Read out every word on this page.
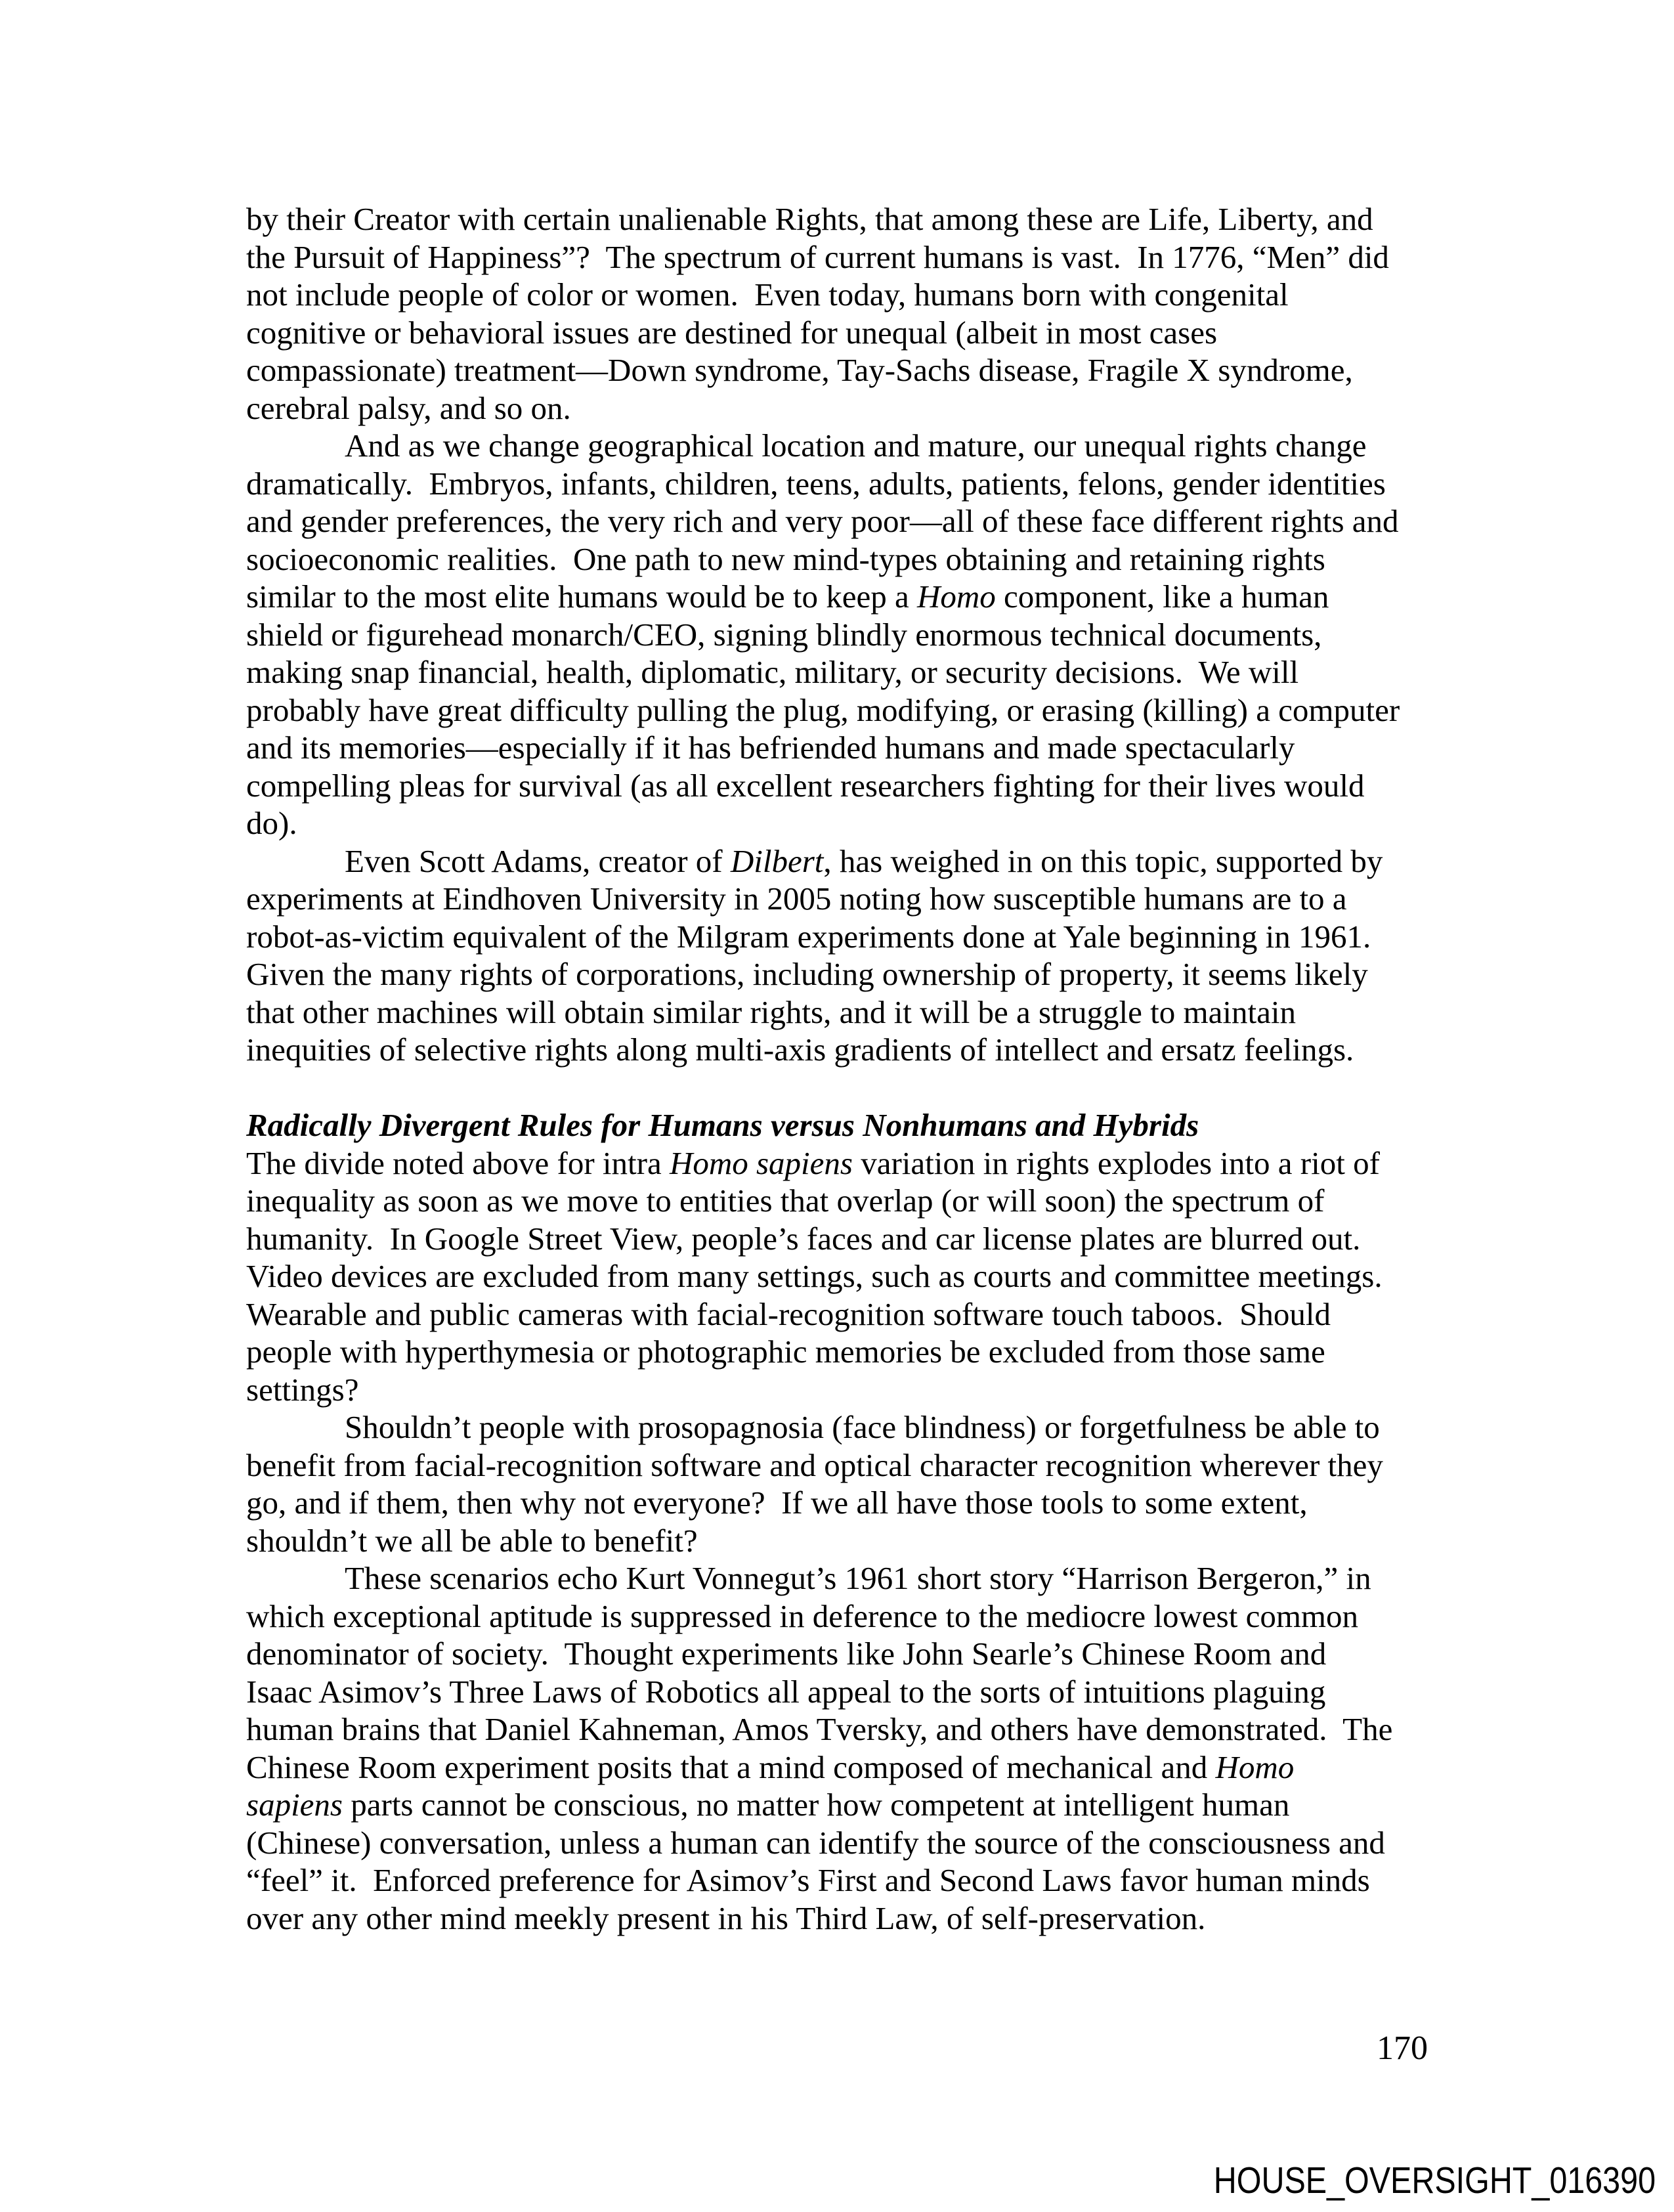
by their Creator with certain unalienable Rights, that among these are Life, Liberty, and
the Pursuit of Happiness”?  The spectrum of current humans is vast.  In 1776, “Men” did
not include people of color or women.  Even today, humans born with congenital
cognitive or behavioral issues are destined for unequal (albeit in most cases
compassionate) treatment—Down syndrome, Tay-Sachs disease, Fragile X syndrome,
cerebral palsy, and so on.
And as we change geographical location and mature, our unequal rights change
dramatically.  Embryos, infants, children, teens, adults, patients, felons, gender identities
and gender preferences, the very rich and very poor—all of these face different rights and
socioeconomic realities.  One path to new mind-types obtaining and retaining rights
similar to the most elite humans would be to keep a Homo component, like a human
shield or figurehead monarch/CEO, signing blindly enormous technical documents,
making snap financial, health, diplomatic, military, or security decisions.  We will
probably have great difficulty pulling the plug, modifying, or erasing (killing) a computer
and its memories—especially if it has befriended humans and made spectacularly
compelling pleas for survival (as all excellent researchers fighting for their lives would
do).
Even Scott Adams, creator of Dilbert, has weighed in on this topic, supported by
experiments at Eindhoven University in 2005 noting how susceptible humans are to a
robot-as-victim equivalent of the Milgram experiments done at Yale beginning in 1961.
Given the many rights of corporations, including ownership of property, it seems likely
that other machines will obtain similar rights, and it will be a struggle to maintain
inequities of selective rights along multi-axis gradients of intellect and ersatz feelings.
Radically Divergent Rules for Humans versus Nonhumans and Hybrids
The divide noted above for intra Homo sapiens variation in rights explodes into a riot of
inequality as soon as we move to entities that overlap (or will soon) the spectrum of
humanity.  In Google Street View, people’s faces and car license plates are blurred out.
Video devices are excluded from many settings, such as courts and committee meetings.
Wearable and public cameras with facial-recognition software touch taboos.  Should
people with hyperthymesia or photographic memories be excluded from those same
settings?
Shouldn’t people with prosopagnosia (face blindness) or forgetfulness be able to
benefit from facial-recognition software and optical character recognition wherever they
go, and if them, then why not everyone?  If we all have those tools to some extent,
shouldn’t we all be able to benefit?
These scenarios echo Kurt Vonnegut’s 1961 short story “Harrison Bergeron,” in
which exceptional aptitude is suppressed in deference to the mediocre lowest common
denominator of society.  Thought experiments like John Searle’s Chinese Room and
Isaac Asimov’s Three Laws of Robotics all appeal to the sorts of intuitions plaguing
human brains that Daniel Kahneman, Amos Tversky, and others have demonstrated.  The
Chinese Room experiment posits that a mind composed of mechanical and Homo
sapiens parts cannot be conscious, no matter how competent at intelligent human
(Chinese) conversation, unless a human can identify the source of the consciousness and
“feel” it.  Enforced preference for Asimov’s First and Second Laws favor human minds
over any other mind meekly present in his Third Law, of self-preservation.
170
HOUSE_OVERSIGHT_016390
